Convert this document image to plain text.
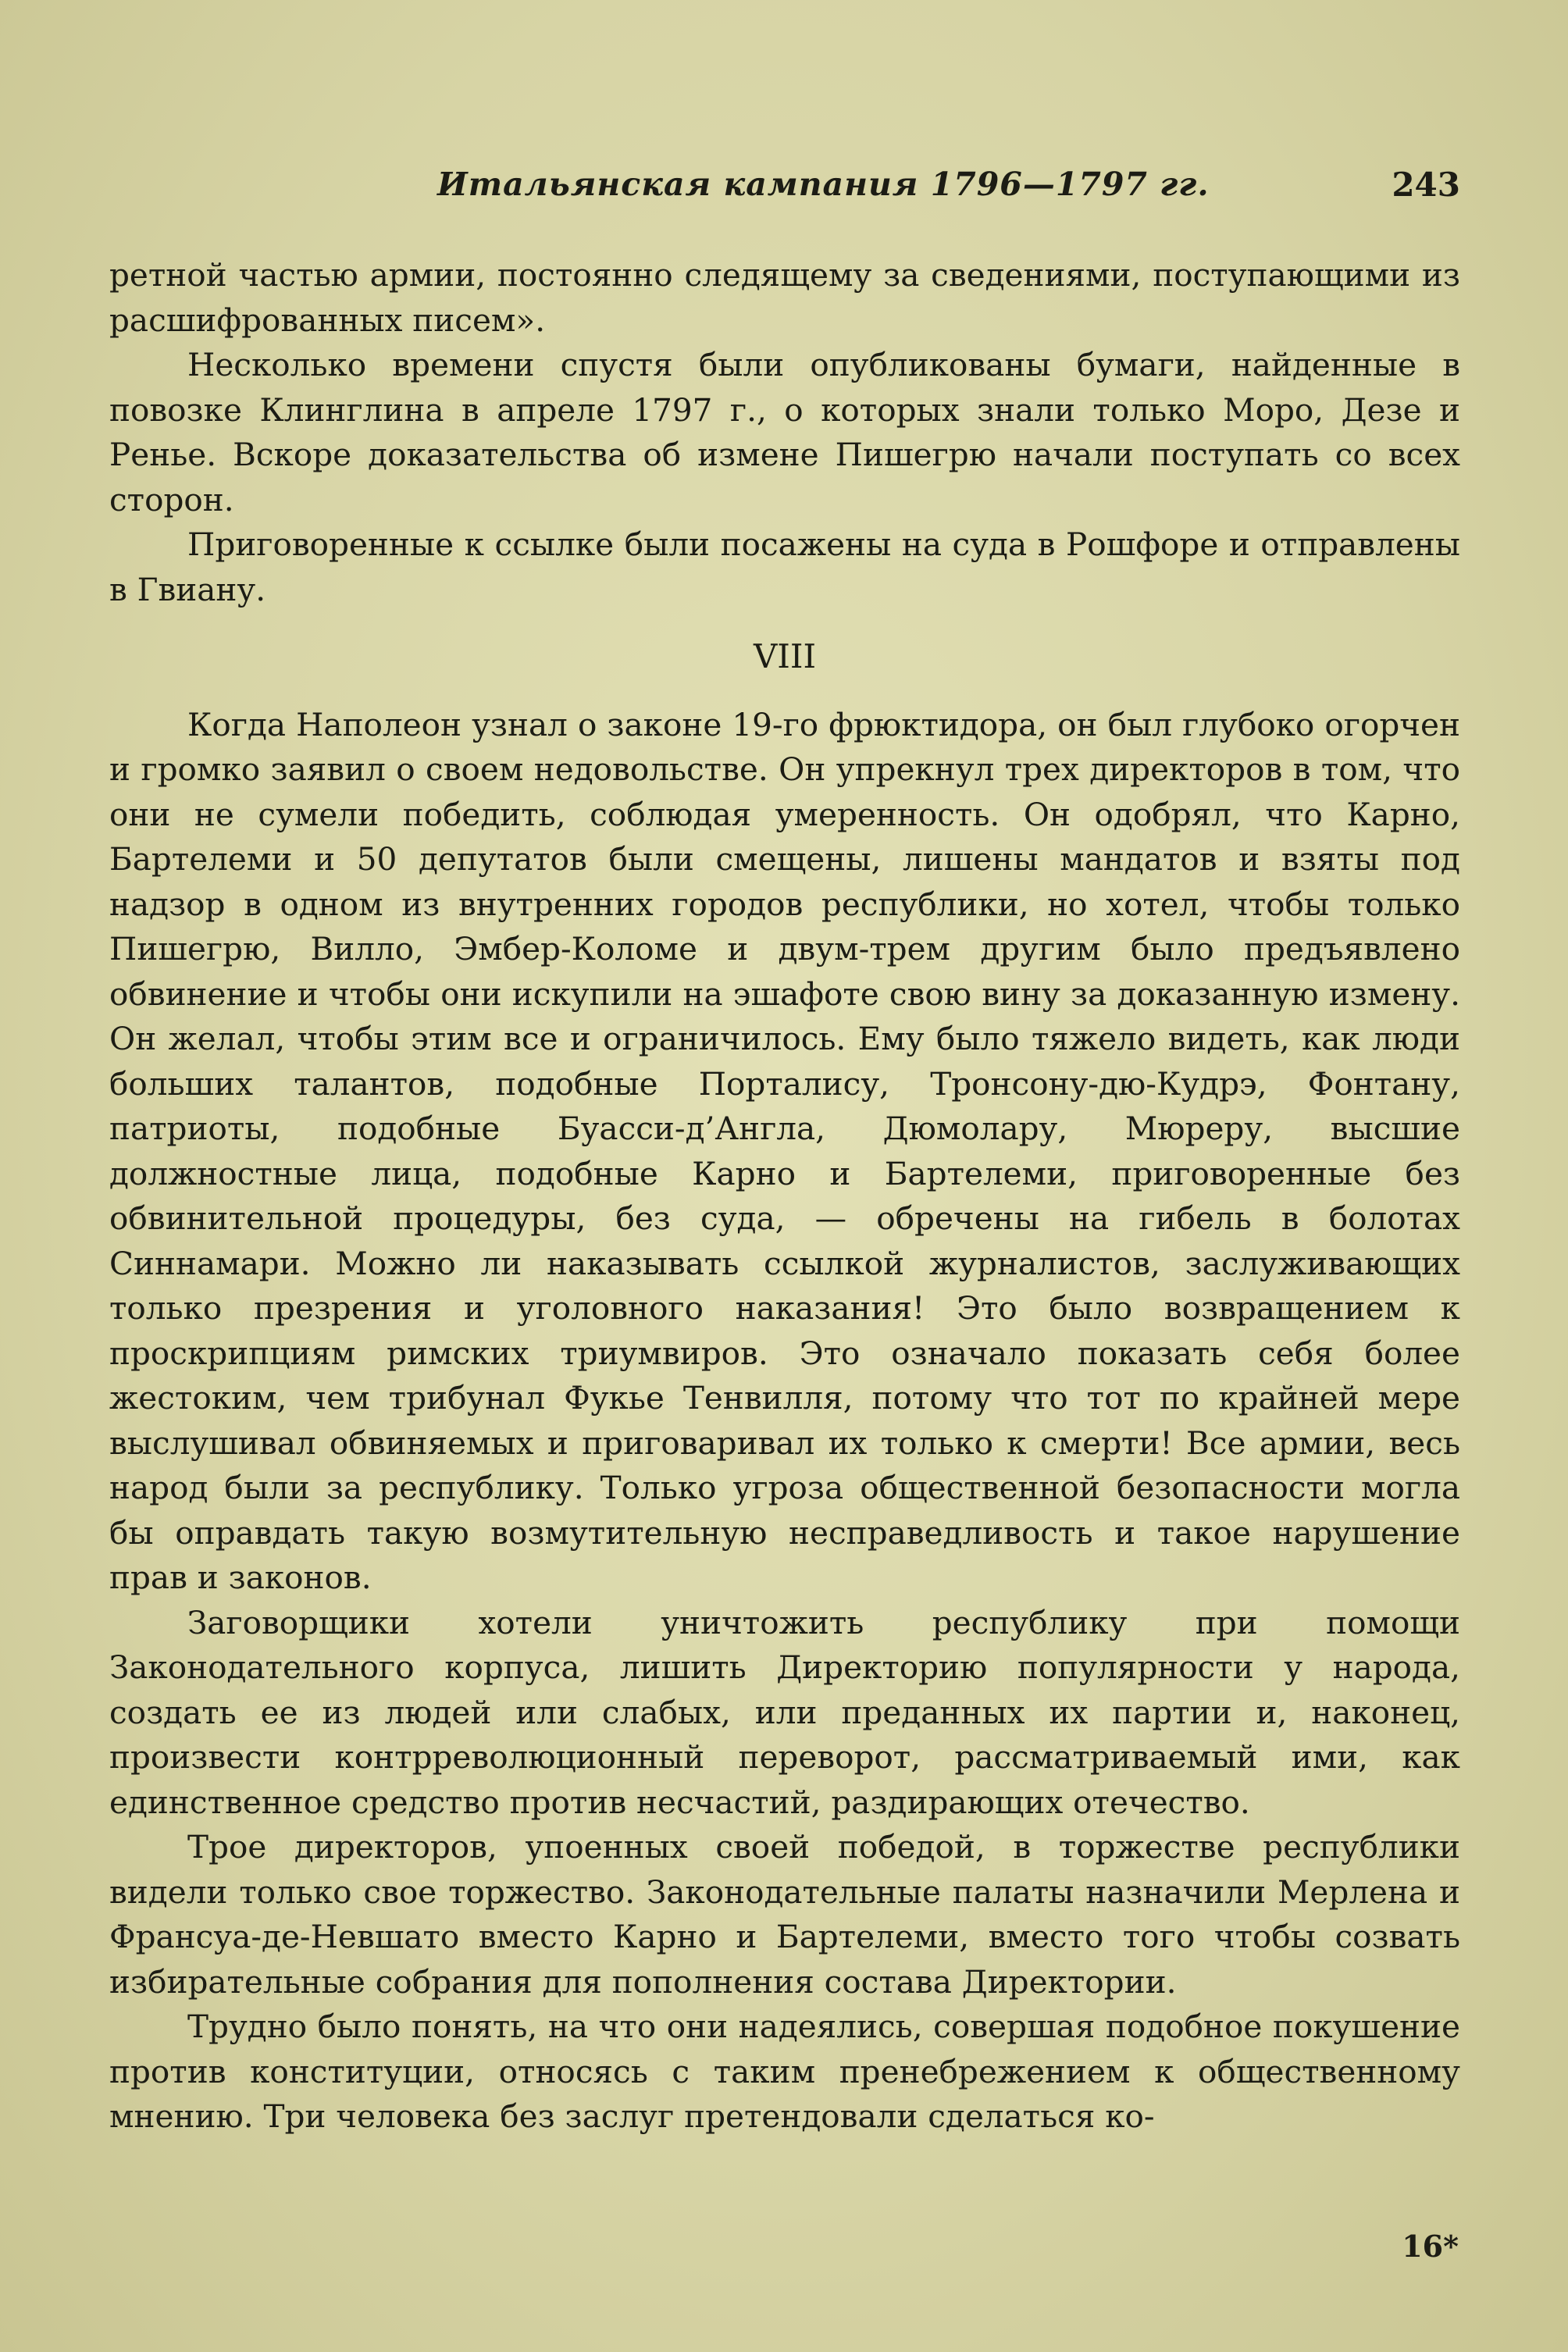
Итальянская кампания 1796—1797 гг.	243

ретной частью армии, постоянно следящему за сведениями, поступающими из расшифрованных писем».

Несколько времени спустя были опубликованы бумаги, найденные в повозке Клинглина в апреле 1797 г., о которых знали только Моро, Дезе и Ренье. Вскоре доказательства об измене Пишегрю начали поступать со всех сторон.

Приговоренные к ссылке были посажены на суда в Рошфоре и отправлены в Гвиану.

VIII

Когда Наполеон узнал о законе 19-го фрюктидора, он был глубоко огорчен и громко заявил о своем недовольстве. Он упрекнул трех директоров в том, что они не сумели победить, соблюдая умеренность. Он одобрял, что Карно, Бартелеми и 50 депутатов были смещены, лишены мандатов и взяты под надзор в одном из внутренних городов республики, но хотел, чтобы только Пишегрю, Вилло, Эмбер-Коломе и двум-трем другим было предъявлено обвинение и чтобы они искупили на эшафоте свою вину за доказанную измену. Он желал, чтобы этим все и ограничилось. Ему было тяжело видеть, как люди больших талантов, подобные Порталису, Тронсону-дю-Кудрэ, Фонтану, патриоты, подобные Буасси-д’Англа, Дюмолару, Мюреру, высшие должностные лица, подобные Карно и Бартелеми, приговоренные без обвинительной процедуры, без суда, — обречены на гибель в болотах Синнамари. Можно ли наказывать ссылкой журналистов, заслуживающих только презрения и уголовного наказания! Это было возвращением к проскрипциям римских триумвиров. Это означало показать себя более жестоким, чем трибунал Фукье Тенвилля, потому что тот по крайней мере выслушивал обвиняемых и приговаривал их только к смерти! Все армии, весь народ были за республику. Только угроза общественной безопасности могла бы оправдать такую возмутительную несправедливость и такое нарушение прав и законов.

Заговорщики хотели уничтожить республику при помощи Законодательного корпуса, лишить Директорию популярности у народа, создать ее из людей или слабых, или преданных их партии и, наконец, произвести контрреволюционный переворот, рассматриваемый ими, как единственное средство против несчастий, раздирающих отечество.

Трое директоров, упоенных своей победой, в торжестве республики видели только свое торжество. Законодательные палаты назначили Мерлена и Франсуа-де-Невшато вместо Карно и Бартелеми, вместо того чтобы созвать избирательные собрания для пополнения состава Директории.

Трудно было понять, на что они надеялись, совершая подобное покушение против конституции, относясь с таким пренебрежением к общественному мнению. Три человека без заслуг претендовали сделаться ко-

16*
